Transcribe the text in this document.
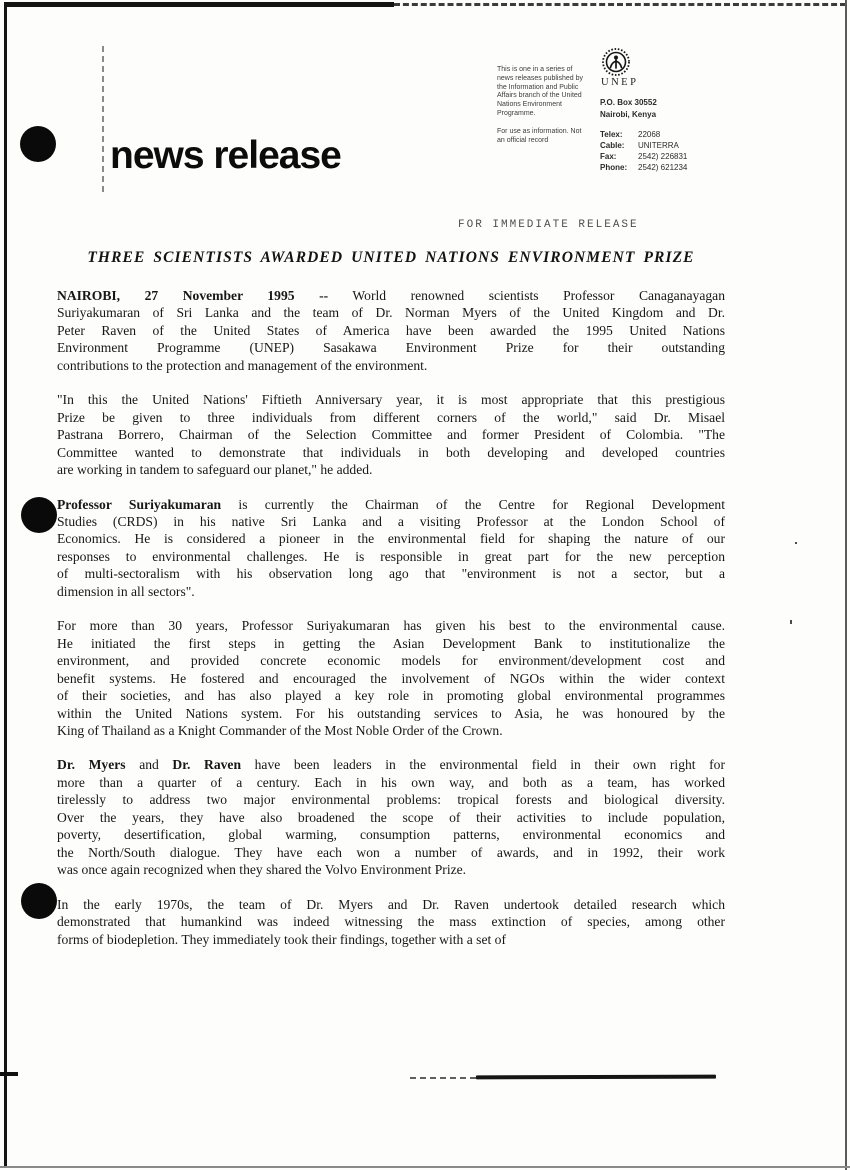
news release
This is one in a series of
news releases published by
the Information and Public
Affairs branch of the United
Nations Environment
Programme.
For use as information. Not
an official record
UNEP
P.O. Box 30552
Nairobi, Kenya
Telex:	22068
Cable:	UNITERRA
Fax:	2542) 226831
Phone:	2542) 621234
FOR IMMEDIATE RELEASE
THREE SCIENTISTS AWARDED UNITED NATIONS ENVIRONMENT PRIZE
NAIROBI, 27 November 1995 -- World renowned scientists Professor Canaganayagan
Suriyakumaran of Sri Lanka and the team of Dr. Norman Myers of the United Kingdom and Dr.
Peter Raven of the United States of America have been awarded the 1995 United Nations
Environment Programme (UNEP) Sasakawa Environment Prize for their outstanding
contributions to the protection and management of the environment.
"In this the United Nations' Fiftieth Anniversary year, it is most appropriate that this prestigious
Prize be given to three individuals from different corners of the world," said Dr. Misael
Pastrana Borrero, Chairman of the Selection Committee and former President of Colombia. "The
Committee wanted to demonstrate that individuals in both developing and developed countries
are working in tandem to safeguard our planet," he added.
Professor Suriyakumaran is currently the Chairman of the Centre for Regional Development
Studies (CRDS) in his native Sri Lanka and a visiting Professor at the London School of
Economics. He is considered a pioneer in the environmental field for shaping the nature of our
responses to environmental challenges. He is responsible in great part for the new perception
of multi-sectoralism with his observation long ago that "environment is not a sector, but a
dimension in all sectors".
For more than 30 years, Professor Suriyakumaran has given his best to the environmental cause.
He initiated the first steps in getting the Asian Development Bank to institutionalize the
environment, and provided concrete economic models for environment/development cost and
benefit systems. He fostered and encouraged the involvement of NGOs within the wider context
of their societies, and has also played a key role in promoting global environmental programmes
within the United Nations system. For his outstanding services to Asia, he was honoured by the
King of Thailand as a Knight Commander of the Most Noble Order of the Crown.
Dr. Myers and Dr. Raven have been leaders in the environmental field in their own right for
more than a quarter of a century. Each in his own way, and both as a team, has worked
tirelessly to address two major environmental problems: tropical forests and biological diversity.
Over the years, they have also broadened the scope of their activities to include population,
poverty, desertification, global warming, consumption patterns, environmental economics and
the North/South dialogue. They have each won a number of awards, and in 1992, their work
was once again recognized when they shared the Volvo Environment Prize.
In the early 1970s, the team of Dr. Myers and Dr. Raven undertook detailed research which
demonstrated that humankind was indeed witnessing the mass extinction of species, among other
forms of biodepletion. They immediately took their findings, together with a set of
